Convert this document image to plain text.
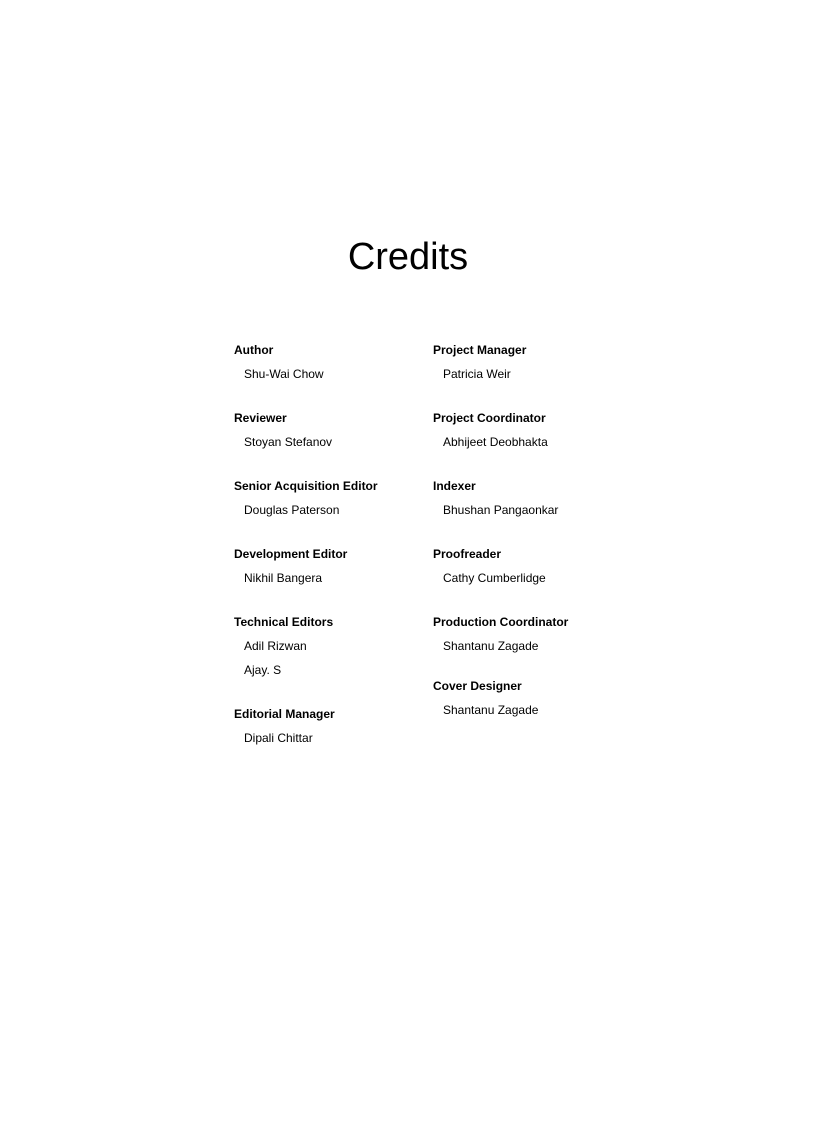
Credits
Author
Shu-Wai Chow
Reviewer
Stoyan Stefanov
Senior Acquisition Editor
Douglas Paterson
Development Editor
Nikhil Bangera
Technical Editors
Adil Rizwan
Ajay. S
Editorial Manager
Dipali Chittar
Project Manager
Patricia Weir
Project Coordinator
Abhijeet Deobhakta
Indexer
Bhushan Pangaonkar
Proofreader
Cathy Cumberlidge
Production Coordinator
Shantanu Zagade
Cover Designer
Shantanu Zagade
